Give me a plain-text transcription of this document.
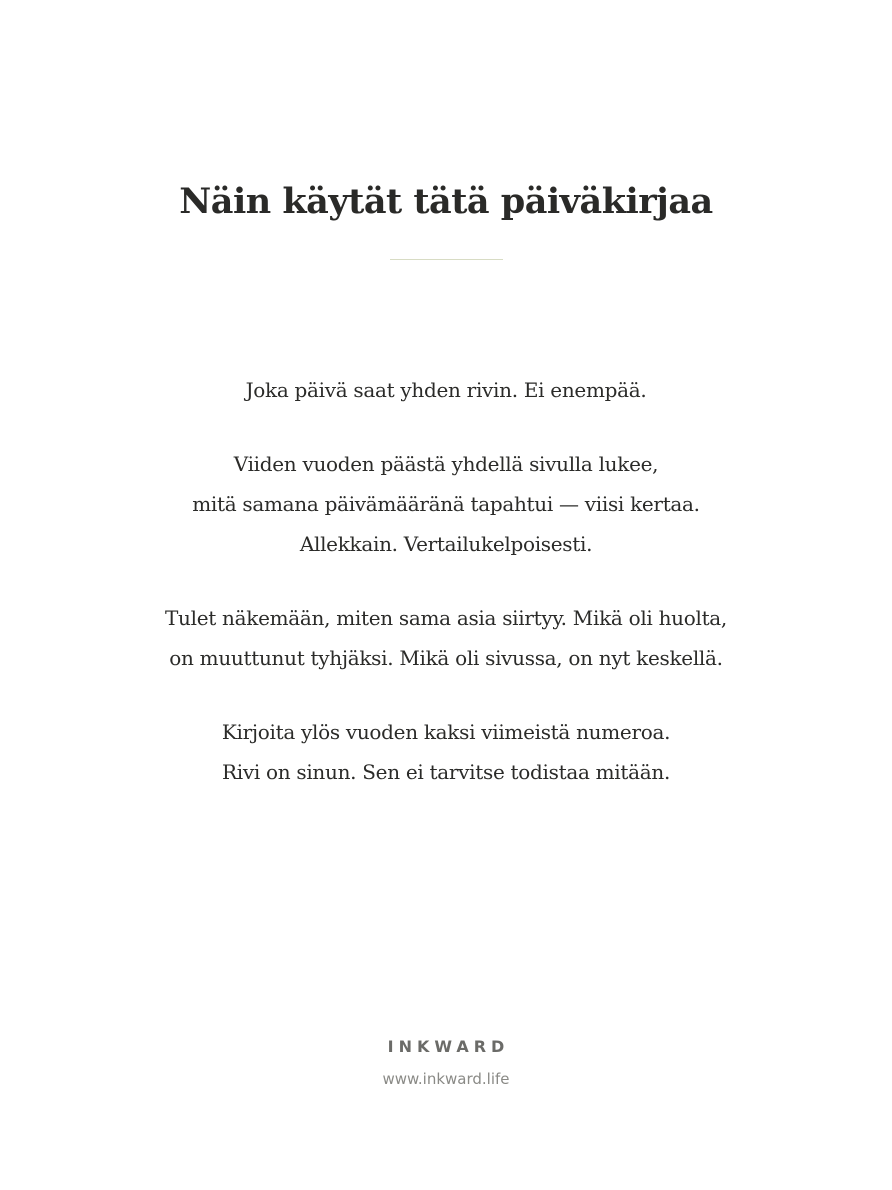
Näin käytät tätä päiväkirjaa

Joka päivä saat yhden rivin. Ei enempää.

Viiden vuoden päästä yhdellä sivulla lukee,
mitä samana päivämääränä tapahtui — viisi kertaa.
Allekkain. Vertailukelpoisesti.

Tulet näkemään, miten sama asia siirtyy. Mikä oli huolta,
on muuttunut tyhjäksi. Mikä oli sivussa, on nyt keskellä.

Kirjoita ylös vuoden kaksi viimeistä numeroa.
Rivi on sinun. Sen ei tarvitse todistaa mitään.

INKWARD
www.inkward.life
